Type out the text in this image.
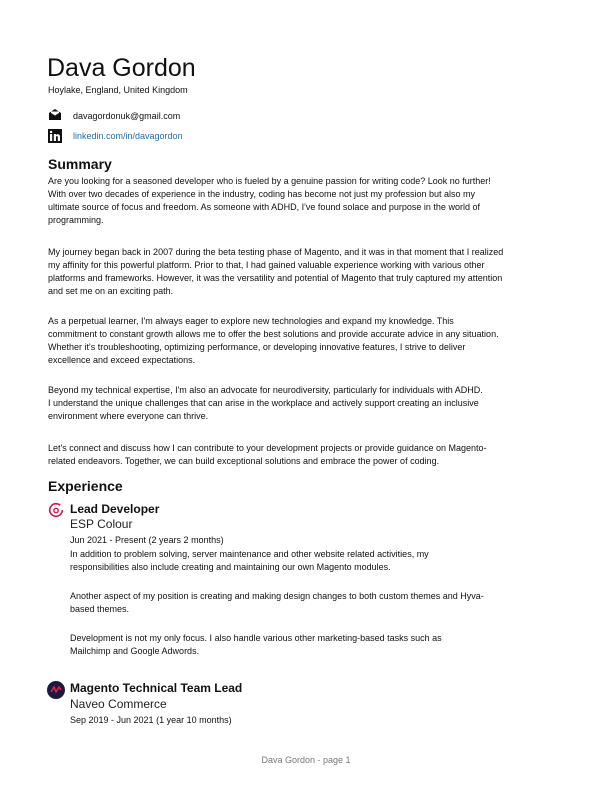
Dava Gordon
Hoylake, England, United Kingdom
davagordonuk@gmail.com
linkedin.com/in/davagordon
Summary
Are you looking for a seasoned developer who is fueled by a genuine passion for writing code? Look no further!
With over two decades of experience in the industry, coding has become not just my profession but also my
ultimate source of focus and freedom. As someone with ADHD, I've found solace and purpose in the world of
programming.
My journey began back in 2007 during the beta testing phase of Magento, and it was in that moment that I realized
my affinity for this powerful platform. Prior to that, I had gained valuable experience working with various other
platforms and frameworks. However, it was the versatility and potential of Magento that truly captured my attention
and set me on an exciting path.
As a perpetual learner, I'm always eager to explore new technologies and expand my knowledge. This
commitment to constant growth allows me to offer the best solutions and provide accurate advice in any situation.
Whether it's troubleshooting, optimizing performance, or developing innovative features, I strive to deliver
excellence and exceed expectations.
Beyond my technical expertise, I'm also an advocate for neurodiversity, particularly for individuals with ADHD.
I understand the unique challenges that can arise in the workplace and actively support creating an inclusive
environment where everyone can thrive.
Let's connect and discuss how I can contribute to your development projects or provide guidance on Magento-
related endeavors. Together, we can build exceptional solutions and embrace the power of coding.
Experience
Lead Developer
ESP Colour
Jun 2021 - Present (2 years 2 months)
In addition to problem solving, server maintenance and other website related activities, my
responsibilities also include creating and maintaining our own Magento modules.
Another aspect of my position is creating and making design changes to both custom themes and Hyva-
based themes.
Development is not my only focus. I also handle various other marketing-based tasks such as
Mailchimp and Google Adwords.
Magento Technical Team Lead
Naveo Commerce
Sep 2019 - Jun 2021 (1 year 10 months)
Dava Gordon - page 1
